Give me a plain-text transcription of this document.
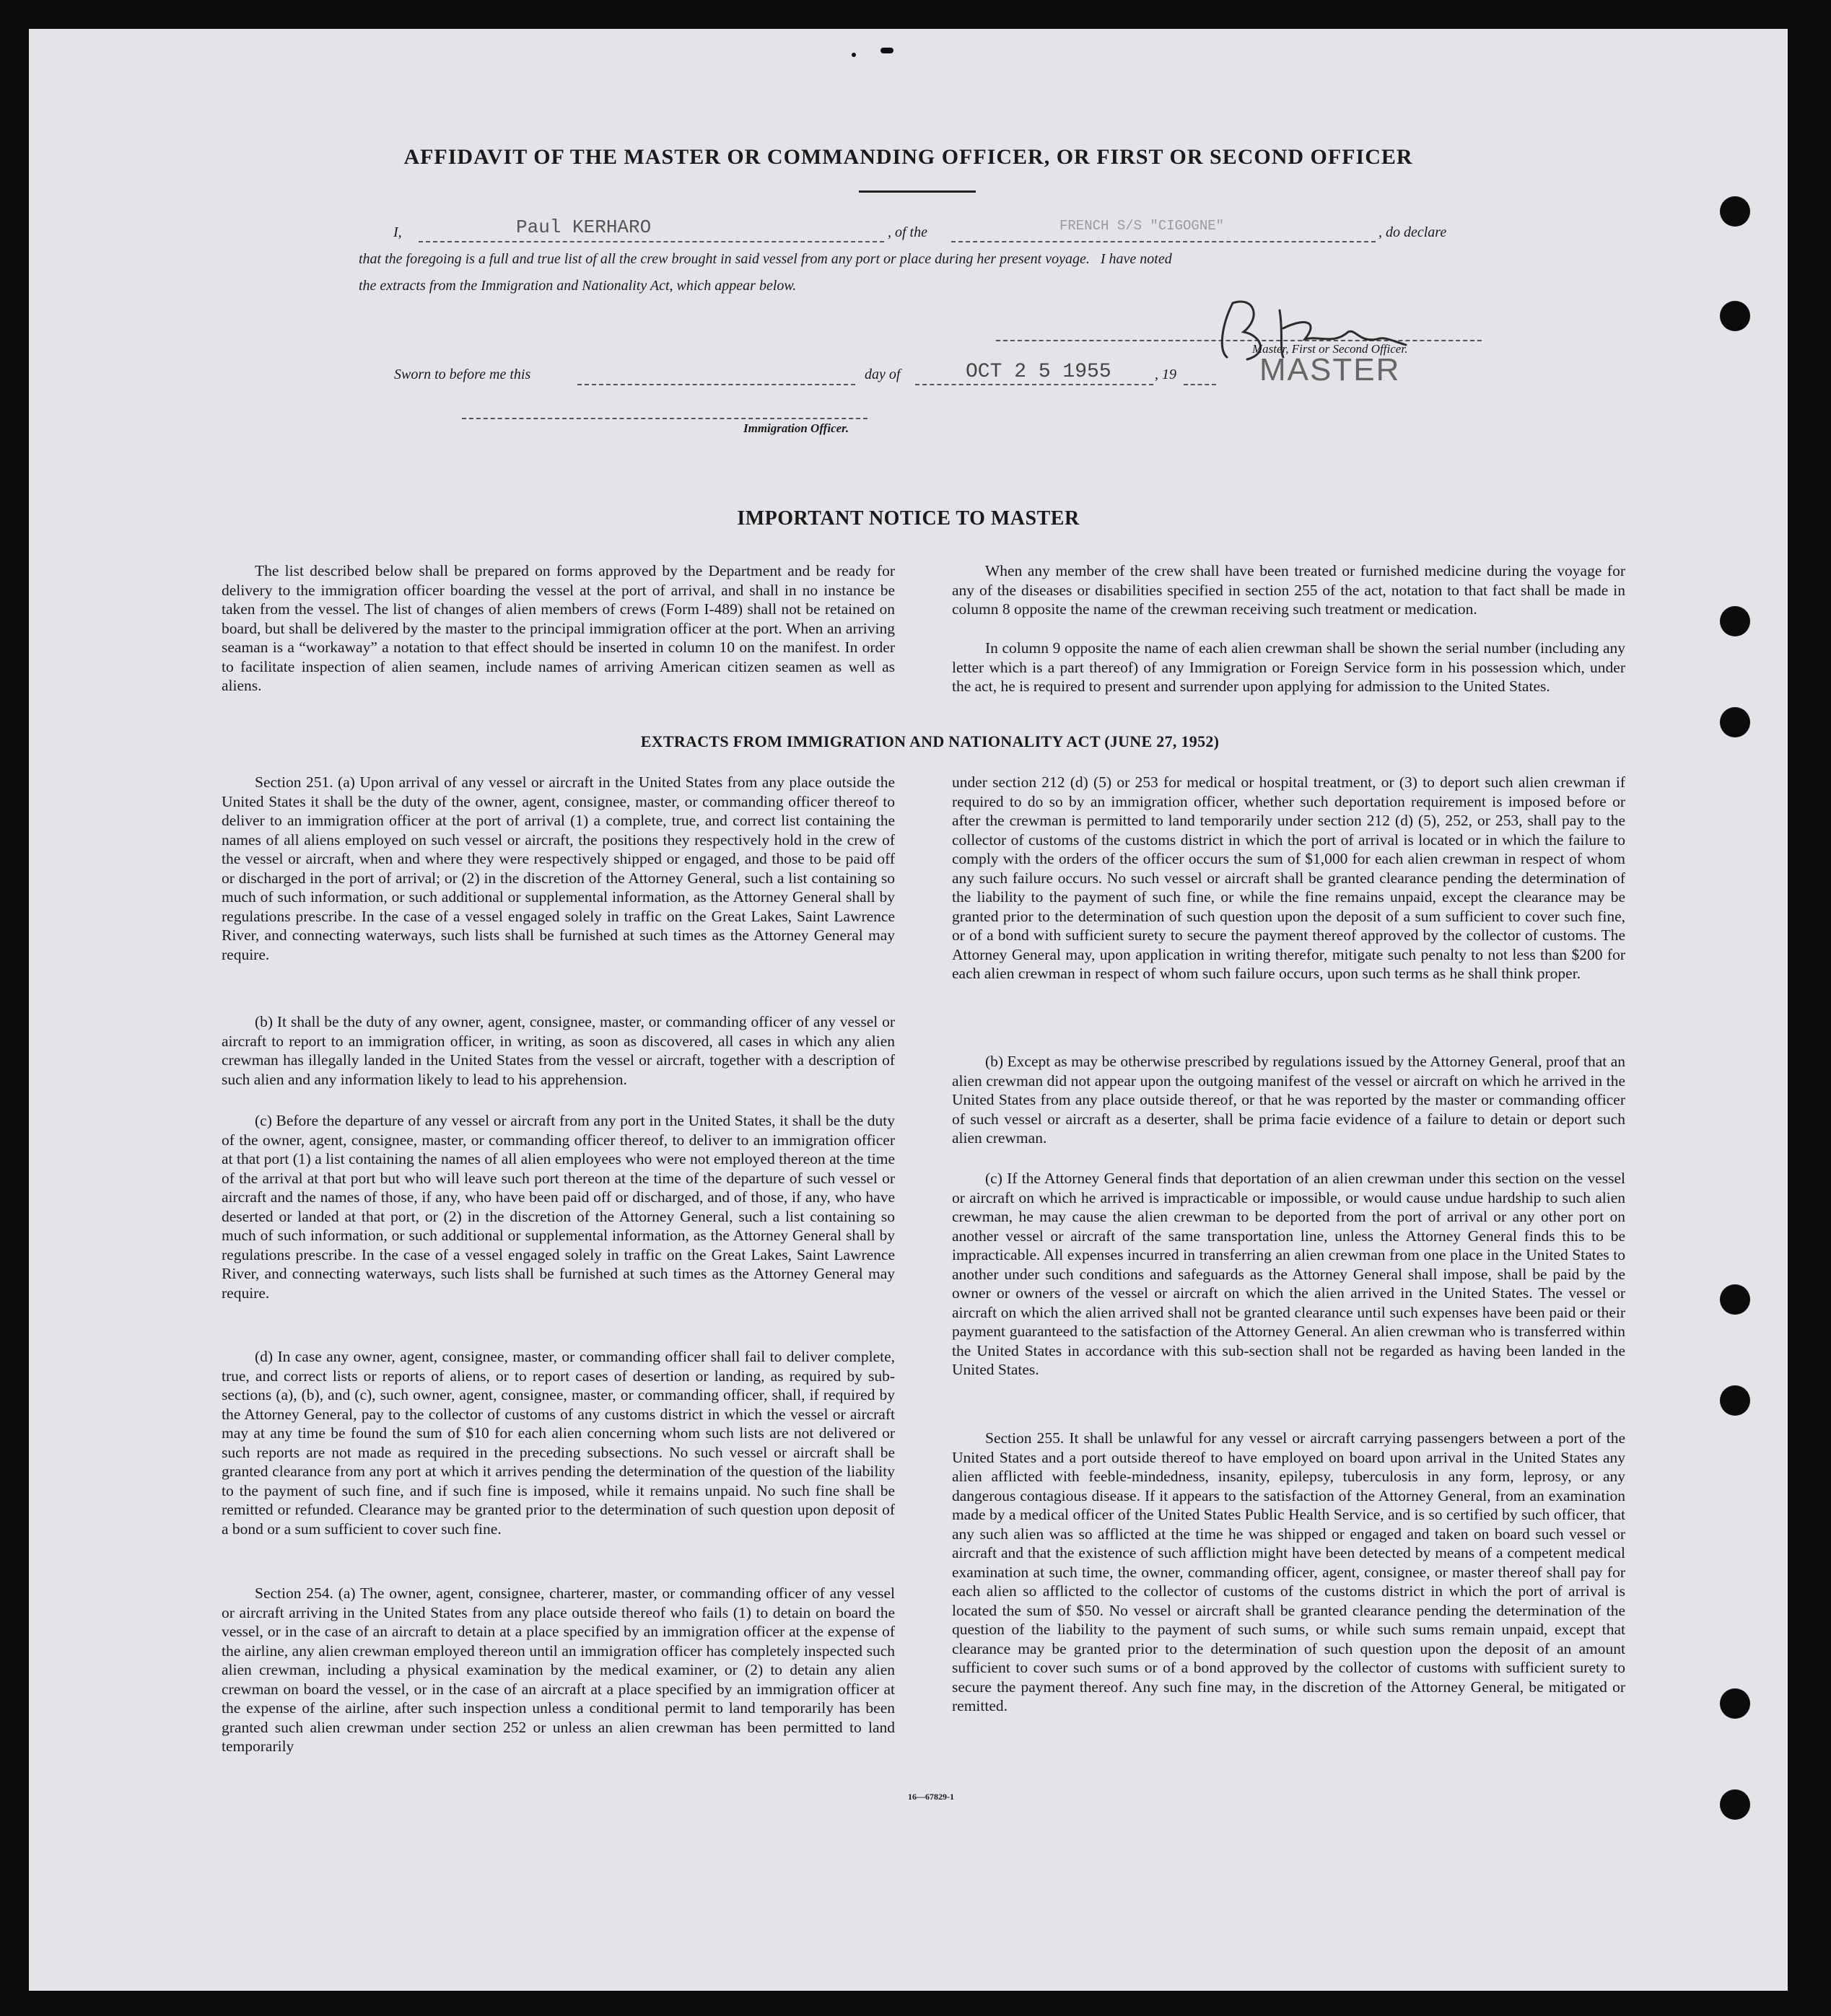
AFFIDAVIT OF THE MASTER OR COMMANDING OFFICER, OR FIRST OR SECOND OFFICER
I,	Paul KERHARO	, of the	FRENCH S/S "CIGOGNE"	, do declare
that the foregoing is a full and true list of all the crew brought in said vessel from any port or place during her present voyage.   I have noted
the extracts from the Immigration and Nationality Act, which appear below.
Master, First or Second Officer.
MASTER
Sworn to before me this	day of	OCT 2 5 1955	, 19
Immigration Officer.
IMPORTANT NOTICE TO MASTER

The list described below shall be prepared on forms approved by the Department and be ready for delivery to the immigration officer boarding the vessel at the port of arrival, and shall in no instance be taken from the vessel. The list of changes of alien members of crews (Form I-489) shall not be retained on board, but shall be delivered by the master to the principal immigration officer at the port. When an arriving seaman is a “workaway” a notation to that effect should be inserted in column 10 on the manifest. In order to facilitate inspection of alien seamen, include names of arriving American citizen seamen as well as aliens.

When any member of the crew shall have been treated or furnished medicine during the voyage for any of the diseases or disabilities specified in section 255 of the act, notation to that fact shall be made in column 8 opposite the name of the crewman receiving such treatment or medication.

In column 9 opposite the name of each alien crewman shall be shown the serial number (including any letter which is a part thereof) of any Immigration or Foreign Service form in his possession which, under the act, he is required to present and surrender upon applying for admission to the United States.

EXTRACTS FROM IMMIGRATION AND NATIONALITY ACT (JUNE 27, 1952)

Section 251. (a) Upon arrival of any vessel or aircraft in the United States from any place outside the United States it shall be the duty of the owner, agent, consignee, master, or commanding officer thereof to deliver to an immigration officer at the port of arrival (1) a complete, true, and correct list containing the names of all aliens employed on such vessel or aircraft, the positions they respectively hold in the crew of the vessel or aircraft, when and where they were respectively shipped or engaged, and those to be paid off or discharged in the port of arrival; or (2) in the discretion of the Attorney General, such a list containing so much of such information, or such additional or supplemental information, as the Attorney General shall by regulations prescribe. In the case of a vessel engaged solely in traffic on the Great Lakes, Saint Lawrence River, and connecting waterways, such lists shall be furnished at such times as the Attorney General may require.

(b) It shall be the duty of any owner, agent, consignee, master, or commanding officer of any vessel or aircraft to report to an immigration officer, in writing, as soon as discovered, all cases in which any alien crewman has illegally landed in the United States from the vessel or aircraft, together with a description of such alien and any information likely to lead to his apprehension.

(c) Before the departure of any vessel or aircraft from any port in the United States, it shall be the duty of the owner, agent, consignee, master, or commanding officer thereof, to deliver to an immigration officer at that port (1) a list containing the names of all alien employees who were not employed thereon at the time of the arrival at that port but who will leave such port thereon at the time of the departure of such vessel or aircraft and the names of those, if any, who have been paid off or discharged, and of those, if any, who have deserted or landed at that port, or (2) in the discretion of the Attorney General, such a list containing so much of such information, or such additional or supplemental information, as the Attorney General shall by regulations prescribe. In the case of a vessel engaged solely in traffic on the Great Lakes, Saint Lawrence River, and connecting waterways, such lists shall be furnished at such times as the Attorney General may require.

(d) In case any owner, agent, consignee, master, or commanding officer shall fail to deliver complete, true, and correct lists or reports of aliens, or to report cases of desertion or landing, as required by sub-sections (a), (b), and (c), such owner, agent, consignee, master, or commanding officer, shall, if required by the Attorney General, pay to the collector of customs of any customs district in which the vessel or aircraft may at any time be found the sum of $10 for each alien concerning whom such lists are not delivered or such reports are not made as required in the preceding subsections. No such vessel or aircraft shall be granted clearance from any port at which it arrives pending the determination of the question of the liability to the payment of such fine, and if such fine is imposed, while it remains unpaid. No such fine shall be remitted or refunded. Clearance may be granted prior to the determination of such question upon deposit of a bond or a sum sufficient to cover such fine.

Section 254. (a) The owner, agent, consignee, charterer, master, or commanding officer of any vessel or aircraft arriving in the United States from any place outside thereof who fails (1) to detain on board the vessel, or in the case of an aircraft to detain at a place specified by an immigration officer at the expense of the airline, any alien crewman employed thereon until an immigration officer has completely inspected such alien crewman, including a physical examination by the medical examiner, or (2) to detain any alien crewman on board the vessel, or in the case of an aircraft at a place specified by an immigration officer at the expense of the airline, after such inspection unless a conditional permit to land temporarily has been granted such alien crewman under section 252 or unless an alien crewman has been permitted to land temporarily

under section 212 (d) (5) or 253 for medical or hospital treatment, or (3) to deport such alien crewman if required to do so by an immigration officer, whether such deportation requirement is imposed before or after the crewman is permitted to land temporarily under section 212 (d) (5), 252, or 253, shall pay to the collector of customs of the customs district in which the port of arrival is located or in which the failure to comply with the orders of the officer occurs the sum of $1,000 for each alien crewman in respect of whom any such failure occurs. No such vessel or aircraft shall be granted clearance pending the determination of the liability to the payment of such fine, or while the fine remains unpaid, except the clearance may be granted prior to the determination of such question upon the deposit of a sum sufficient to cover such fine, or of a bond with sufficient surety to secure the payment thereof approved by the collector of customs. The Attorney General may, upon application in writing therefor, mitigate such penalty to not less than $200 for each alien crewman in respect of whom such failure occurs, upon such terms as he shall think proper.

(b) Except as may be otherwise prescribed by regulations issued by the Attorney General, proof that an alien crewman did not appear upon the outgoing manifest of the vessel or aircraft on which he arrived in the United States from any place outside thereof, or that he was reported by the master or commanding officer of such vessel or aircraft as a deserter, shall be prima facie evidence of a failure to detain or deport such alien crewman.

(c) If the Attorney General finds that deportation of an alien crewman under this section on the vessel or aircraft on which he arrived is impracticable or impossible, or would cause undue hardship to such alien crewman, he may cause the alien crewman to be deported from the port of arrival or any other port on another vessel or aircraft of the same transportation line, unless the Attorney General finds this to be impracticable. All expenses incurred in transferring an alien crewman from one place in the United States to another under such conditions and safeguards as the Attorney General shall impose, shall be paid by the owner or owners of the vessel or aircraft on which the alien arrived in the United States. The vessel or aircraft on which the alien arrived shall not be granted clearance until such expenses have been paid or their payment guaranteed to the satisfaction of the Attorney General. An alien crewman who is transferred within the United States in accordance with this sub-section shall not be regarded as having been landed in the United States.

Section 255. It shall be unlawful for any vessel or aircraft carrying passengers between a port of the United States and a port outside thereof to have employed on board upon arrival in the United States any alien afflicted with feeble-mindedness, insanity, epilepsy, tuberculosis in any form, leprosy, or any dangerous contagious disease. If it appears to the satisfaction of the Attorney General, from an examination made by a medical officer of the United States Public Health Service, and is so certified by such officer, that any such alien was so afflicted at the time he was shipped or engaged and taken on board such vessel or aircraft and that the existence of such affliction might have been detected by means of a competent medical examination at such time, the owner, commanding officer, agent, consignee, or master thereof shall pay for each alien so afflicted to the collector of customs of the customs district in which the port of arrival is located the sum of $50. No vessel or aircraft shall be granted clearance pending the determination of the question of the liability to the payment of such sums, or while such sums remain unpaid, except that clearance may be granted prior to the determination of such question upon the deposit of an amount sufficient to cover such sums or of a bond approved by the collector of customs with sufficient surety to secure the payment thereof. Any such fine may, in the discretion of the Attorney General, be mitigated or remitted.

16—67829-1
